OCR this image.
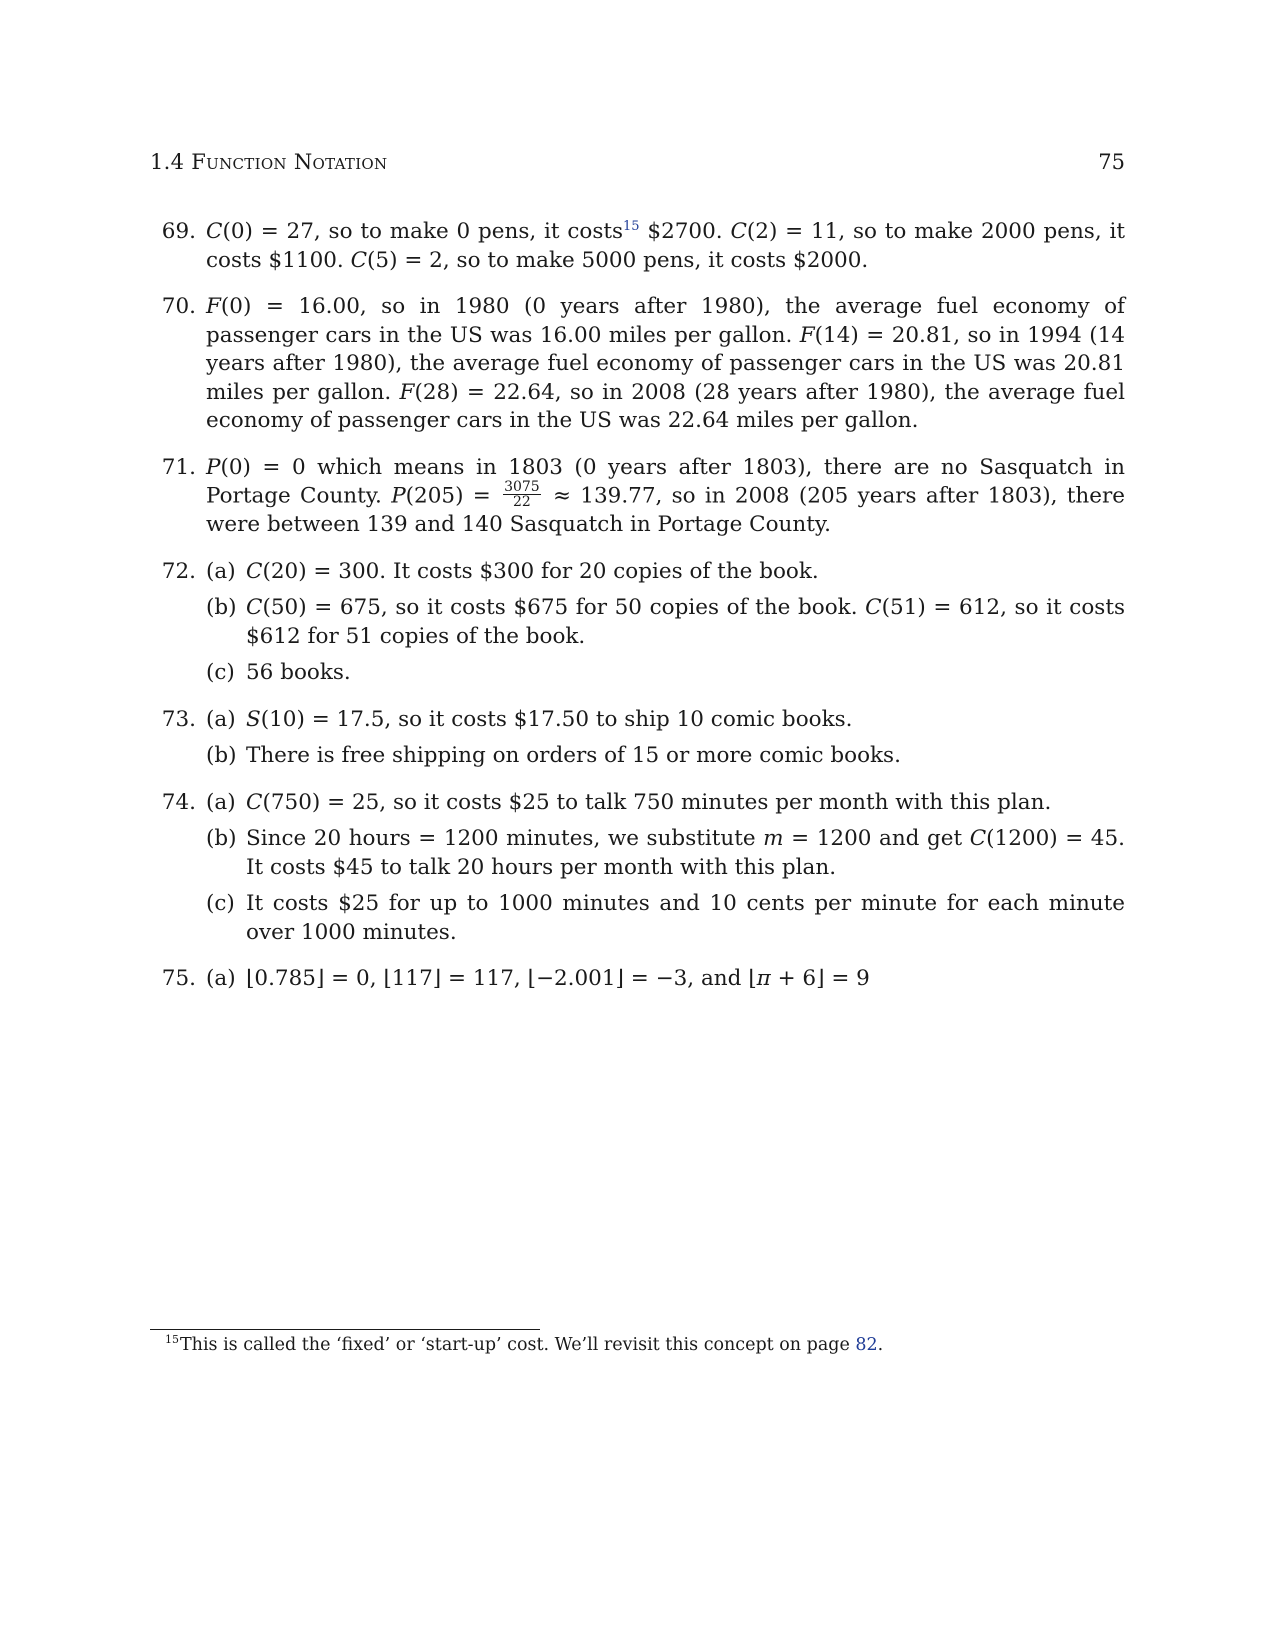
1.4 Function Notation	75
69. C(0) = 27, so to make 0 pens, it costs$^{15}$ $2700. C(2) = 11, so to make 2000 pens, it costs $1100. C(5) = 2, so to make 5000 pens, it costs $2000.

70. F(0) = 16.00, so in 1980 (0 years after 1980), the average fuel economy of passenger cars in the US was 16.00 miles per gallon. F(14) = 20.81, so in 1994 (14 years after 1980), the average fuel economy of passenger cars in the US was 20.81 miles per gallon. F(28) = 22.64, so in 2008 (28 years after 1980), the average fuel economy of passenger cars in the US was 22.64 miles per gallon.

71. P(0) = 0 which means in 1803 (0 years after 1803), there are no Sasquatch in Portage County. $P(205) = \frac{3075}{22} \approx 139.77$, so in 2008 (205 years after 1803), there were between 139 and 140 Sasquatch in Portage County.

72. (a) C(20) = 300. It costs $300 for 20 copies of the book.
(b) C(50) = 675, so it costs $675 for 50 copies of the book. C(51) = 612, so it costs $612 for 51 copies of the book.
(c) 56 books.
73. (a) S(10) = 17.5, so it costs $17.50 to ship 10 comic books.
(b) There is free shipping on orders of 15 or more comic books.
74. (a) C(750) = 25, so it costs $25 to talk 750 minutes per month with this plan.
(b) Since 20 hours = 1200 minutes, we substitute m = 1200 and get C(1200) = 45. It costs $45 to talk 20 hours per month with this plan.
(c) It costs $25 for up to 1000 minutes and 10 cents per minute for each minute over 1000 minutes.
75. (a) ⌊0.785⌋ = 0, ⌊117⌋ = 117, ⌊−2.001⌋ = −3, and ⌊π + 6⌋ = 9
$^{15}$This is called the ‘fixed’ or ‘start-up’ cost. We’ll revisit this concept on page 82.
